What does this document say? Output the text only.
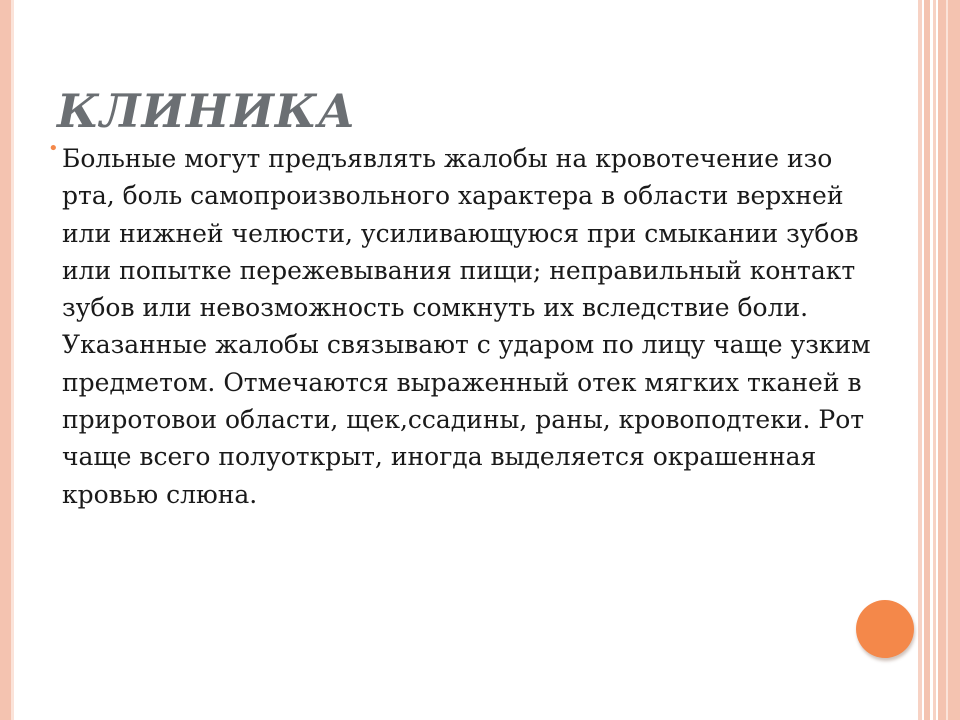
КЛИНИКА
• Больные могут предъявлять жалобы на кровотечение изо рта, боль самопроизвольного характера в области верхней или нижней челюсти, усиливающуюся при смыкании зубов или попытке пережевывания пищи; неправильный контакт зубов или невозможность сомкнуть их вследствие боли. Указанные жалобы связывают с ударом по лицу чаще узким предметом. Отмечаются выраженный отек мягких тканей в приротовои области, щек,ссадины, раны, кровоподтеки. Рот чаще всего полуоткрыт, иногда выделяется окрашенная кровью слюна.
